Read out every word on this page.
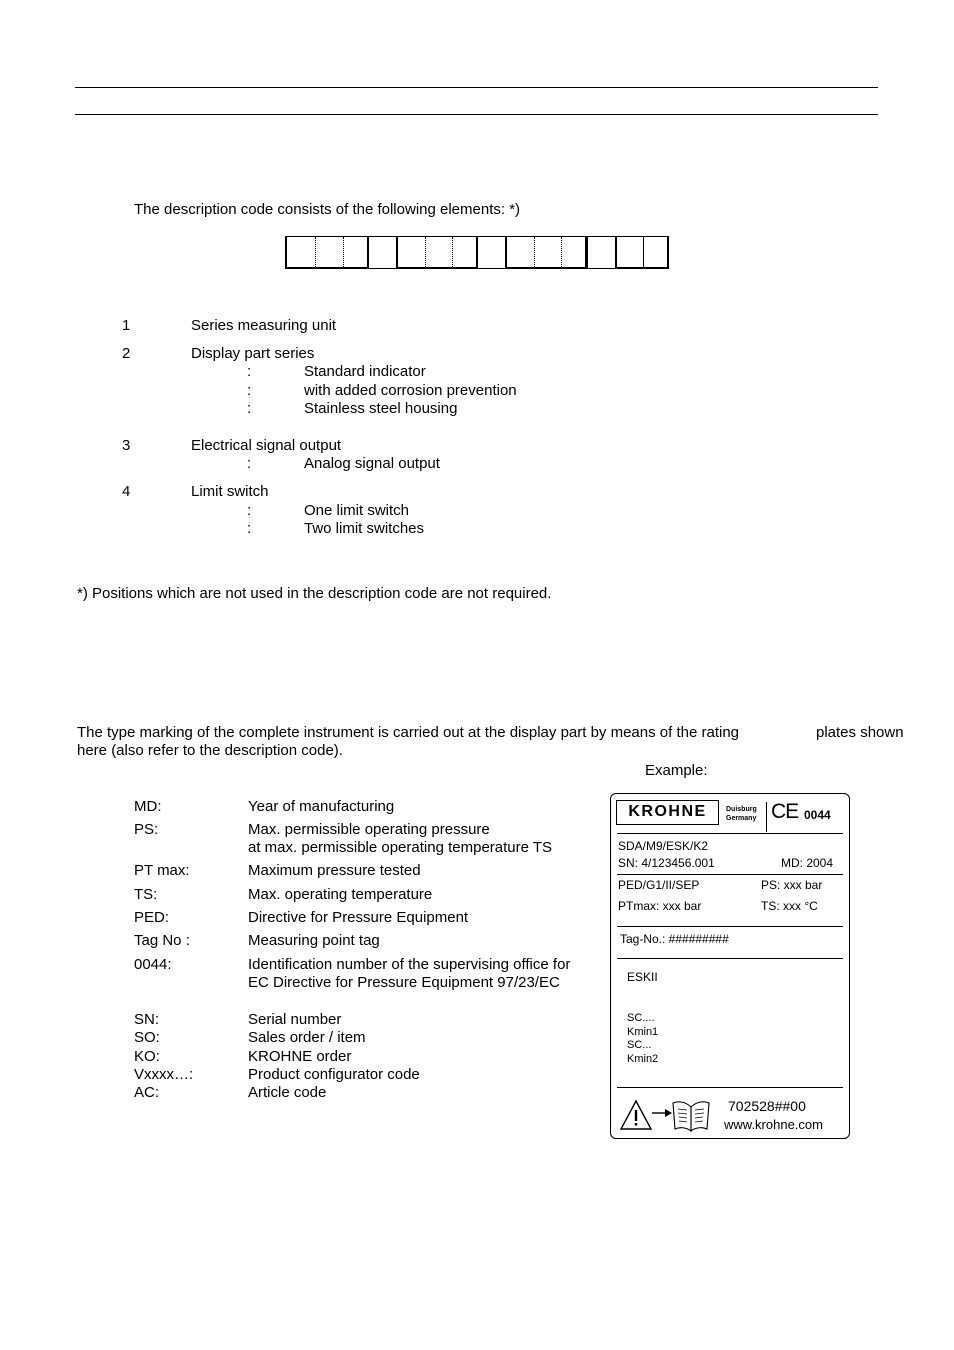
The description code consists of the following elements: *)
1	Series measuring unit
2	Display part series
:	Standard indicator
:	with added corrosion prevention
:	Stainless steel housing
3	Electrical signal output
:	Analog signal output
4	Limit switch
:	One limit switch
:	Two limit switches
*) Positions which are not used in the description code are not required.
The type marking of the complete instrument is carried out at the display part by means of the rating	plates shown
here (also refer to the description code).
Example:
MD:	Year of manufacturing
PS:	Max. permissible operating pressure
at max. permissible operating temperature TS
PT max:	Maximum pressure tested
TS:	Max. operating temperature
PED:	Directive for Pressure Equipment
Tag No :	Measuring point tag
0044:	Identification number of the supervising office for
EC Directive for Pressure Equipment 97/23/EC
SN:	Serial number
SO:	Sales order / item
KO:	KROHNE order
Vxxxx…:	Product configurator code
AC:	Article code
KROHNE	Duisburg
Germany CE 0044
SDA/M9/ESK/K2
SN: 4/123456.001	MD: 2004
PED/G1/II/SEP	PS: xxx bar
PTmax: xxx bar	TS: xxx °C
Tag-No.: #########
ESKII
SC....
Kmin1
SC...
Kmin2
702528##00
www.krohne.com
